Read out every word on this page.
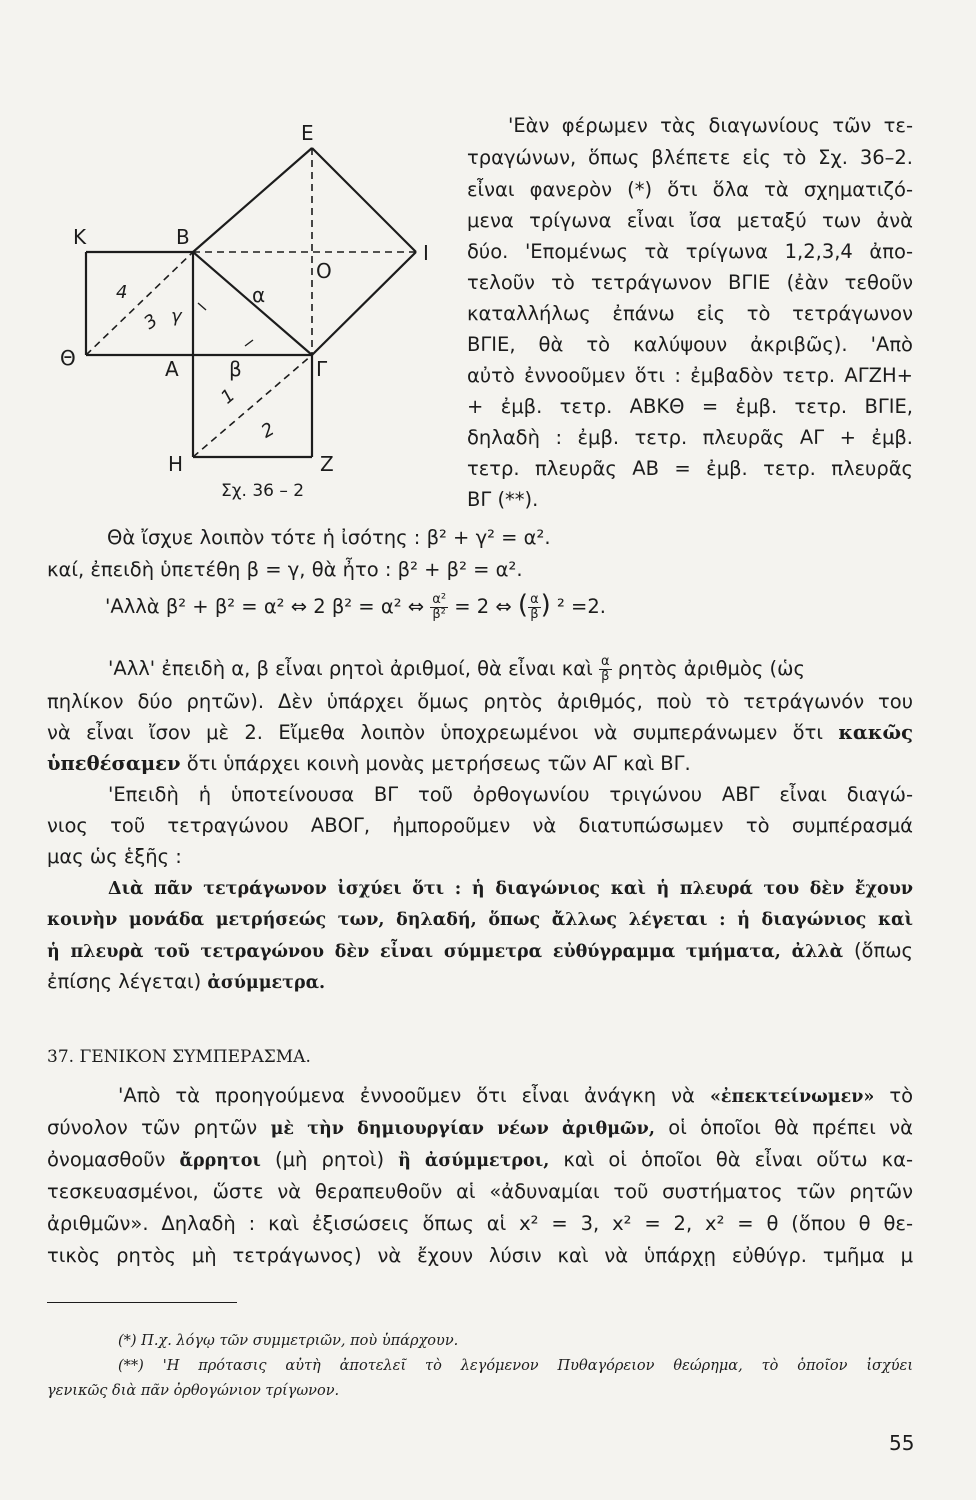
E
K	B
I
O
α
Θ	A	β	Γ
H	Z
4
3 γ
1
2
Σχ. 36 – 2
'Εὰν φέρωμεν τὰς διαγωνίους τῶν τε-
τραγώνων, ὅπως βλέπετε εἰς τὸ Σχ. 36–2.
εἶναι φανερὸν (*) ὅτι ὅλα τὰ σχηματιζό-
μενα τρίγωνα εἶναι ἴσα μεταξύ των ἀνὰ
δύο. 'Επομένως τὰ τρίγωνα 1,2,3,4 ἀπο-
τελοῦν τὸ τετράγωνον ΒΓΙΕ (ἐὰν τεθοῦν
καταλλήλως ἐπάνω εἰς τὸ τετράγωνον
ΒΓΙΕ, θὰ τὸ καλύψουν ἀκριβῶς). 'Απὸ
αὐτὸ ἐννοοῦμεν ὅτι : ἐμβαδὸν τετρ. ΑΓΖΗ+
+ ἐμβ. τετρ. ΑΒΚΘ = ἐμβ. τετρ. ΒΓΙΕ,
δηλαδὴ : ἐμβ. τετρ. πλευρᾶς ΑΓ + ἐμβ.
τετρ. πλευρᾶς ΑΒ = ἐμβ. τετρ. πλευρᾶς
ΒΓ (**).
Θὰ ἴσχυε λοιπὸν τότε ἡ ἰσότης : β² + γ² = α².
καί, ἐπειδὴ ὑπετέθη β = γ, θὰ ἦτο : β² + β² = α².
'Αλλὰ β² + β² = α² ⇔ 2 β² = α² ⇔ $\frac{\text{α²}}{\text{β²}} = 2$ ⇔ ( $\frac{\alpha}{\beta}$ ) ² =2.
'Αλλ' ἐπειδὴ α, β εἶναι ρητοὶ ἀριθμοί, θὰ εἶναι καὶ $\frac{\alpha}{\beta}$ ρητὸς ἀριθμὸς (ὡς
πηλίκον δύο ρητῶν). Δὲν ὑπάρχει ὅμως ρητὸς ἀριθμός, ποὺ τὸ τετράγωνόν του
νὰ εἶναι ἴσον μὲ 2. Εἴμεθα λοιπὸν ὑποχρεωμένοι νὰ συμπεράνωμεν ὅτι κακῶς
ὑπεθέσαμεν ὅτι ὑπάρχει κοινὴ μονὰς μετρήσεως τῶν ΑΓ καὶ ΒΓ.
'Επειδὴ ἡ ὑποτείνουσα ΒΓ τοῦ ὀρθογωνίου τριγώνου ΑΒΓ εἶναι διαγώ-
νιος τοῦ τετραγώνου ΑΒΟΓ, ἠμποροῦμεν νὰ διατυπώσωμεν τὸ συμπέρασμά
μας ὡς ἑξῆς :
Διὰ πᾶν τετράγωνον ἰσχύει ὅτι : ἡ διαγώνιος καὶ ἡ πλευρά του δὲν ἔχουν
κοινὴν μονάδα μετρήσεώς των, δηλαδή, ὅπως ἄλλως λέγεται : ἡ διαγώνιος καὶ
ἡ πλευρὰ τοῦ τετραγώνου δὲν εἶναι σύμμετρα εὐθύγραμμα τμήματα, ἀλλὰ (ὅπως
ἐπίσης λέγεται) ἀσύμμετρα.
37. ΓΕΝΙΚΟΝ ΣΥΜΠΕΡΑΣΜΑ.
'Απὸ τὰ προηγούμενα ἐννοοῦμεν ὅτι εἶναι ἀνάγκη νὰ «ἐπεκτείνωμεν» τὸ
σύνολον τῶν ρητῶν μὲ τὴν δημιουργίαν νέων ἀριθμῶν, οἱ ὁποῖοι θὰ πρέπει νὰ
ὀνομασθοῦν ἄρρητοι (μὴ ρητοὶ) ἢ ἀσύμμετροι, καὶ οἱ ὁποῖοι θὰ εἶναι οὕτω κα-
τεσκευασμένοι, ὥστε νὰ θεραπευθοῦν αἱ «ἀδυναμίαι τοῦ συστήματος τῶν ρητῶν
ἀριθμῶν». Δηλαδὴ : καὶ ἐξισώσεις ὅπως αἱ x² = 3, x² = 2, x² = θ (ὅπου θ θε-
τικὸς ρητὸς μὴ τετράγωνος) νὰ ἔχουν λύσιν καὶ νὰ ὑπάρχῃ εὐθύγρ. τμῆμα μ
(*) Π.χ. λόγῳ τῶν συμμετριῶν, ποὺ ὑπάρχουν.
(**) 'Η πρότασις αὐτὴ ἀποτελεῖ τὸ λεγόμενον Πυθαγόρειον θεώρημα, τὸ ὁποῖον ἰσχύει
γενικῶς διὰ πᾶν ὀρθογώνιον τρίγωνον.
55
